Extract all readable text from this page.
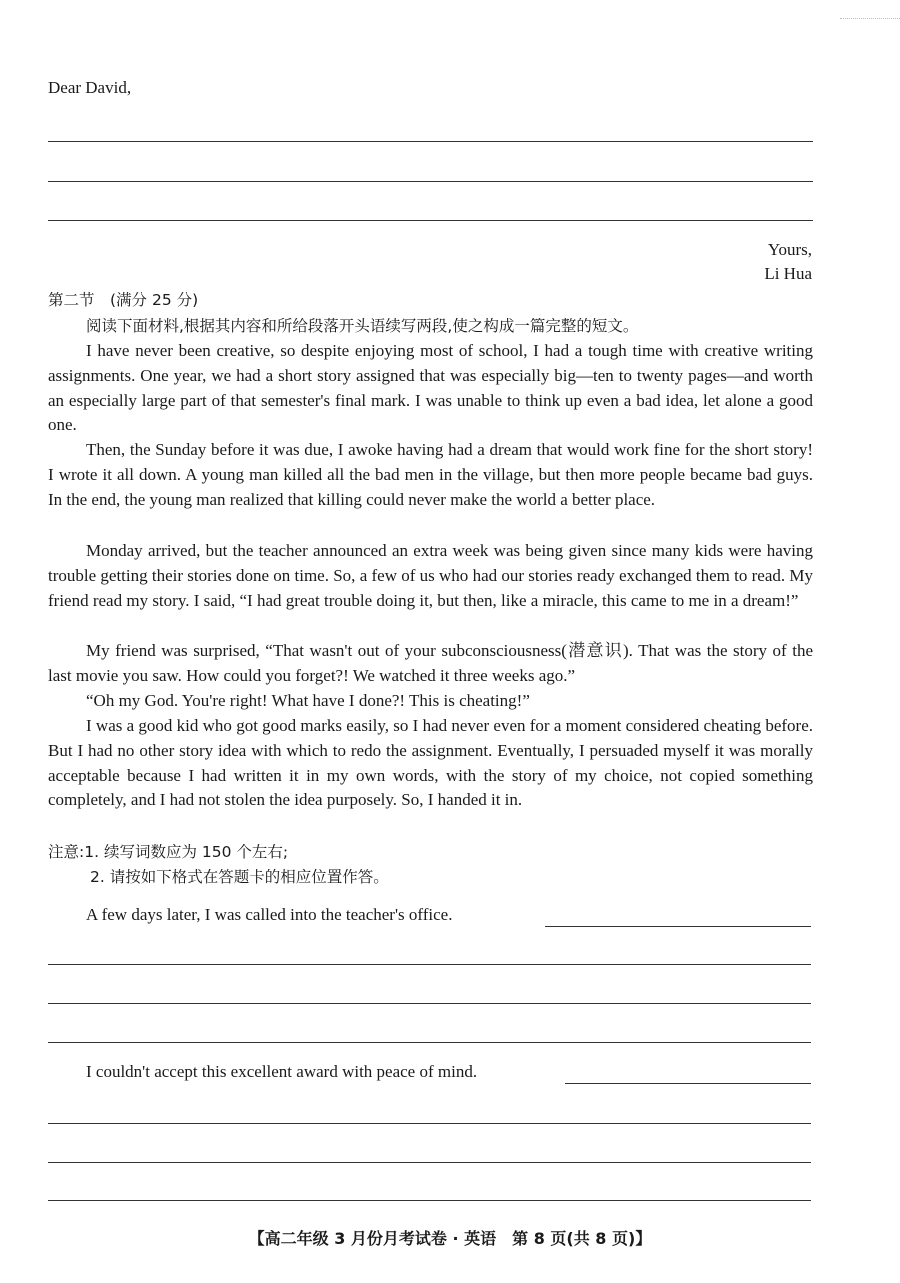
Dear David,
Yours,
Li Hua
第二节　(满分 25 分)
阅读下面材料,根据其内容和所给段落开头语续写两段,使之构成一篇完整的短文。

I have never been creative, so despite enjoying most of school, I had a tough time with creative writing assignments. One year, we had a short story assigned that was especially big—ten to twenty pages—and worth an especially large part of that semester's final mark. I was unable to think up even a bad idea, let alone a good one.

Then, the Sunday before it was due, I awoke having had a dream that would work fine for the short story! I wrote it all down. A young man killed all the bad men in the village, but then more people became bad guys. In the end, the young man realized that killing could never make the world a better place.

Monday arrived, but the teacher announced an extra week was being given since many kids were having trouble getting their stories done on time. So, a few of us who had our stories ready exchanged them to read. My friend read my story. I said, “I had great trouble doing it, but then, like a miracle, this came to me in a dream!”

My friend was surprised, “That wasn't out of your subconsciousness(潜意识). That was the story of the last movie you saw. How could you forget?! We watched it three weeks ago.”

“Oh my God. You're right! What have I done?! This is cheating!”

I was a good kid who got good marks easily, so I had never even for a moment considered cheating before. But I had no other story idea with which to redo the assignment. Eventually, I persuaded myself it was morally acceptable because I had written it in my own words, with the story of my choice, not copied something completely, and I had not stolen the idea purposely. So, I handed it in.

注意:1. 续写词数应为 150 个左右;
2. 请按如下格式在答题卡的相应位置作答。
A few days later, I was called into the teacher's office.
I couldn't accept this excellent award with peace of mind.
【高二年级 3 月份月考试卷 · 英语　第 8 页(共 8 页)】
